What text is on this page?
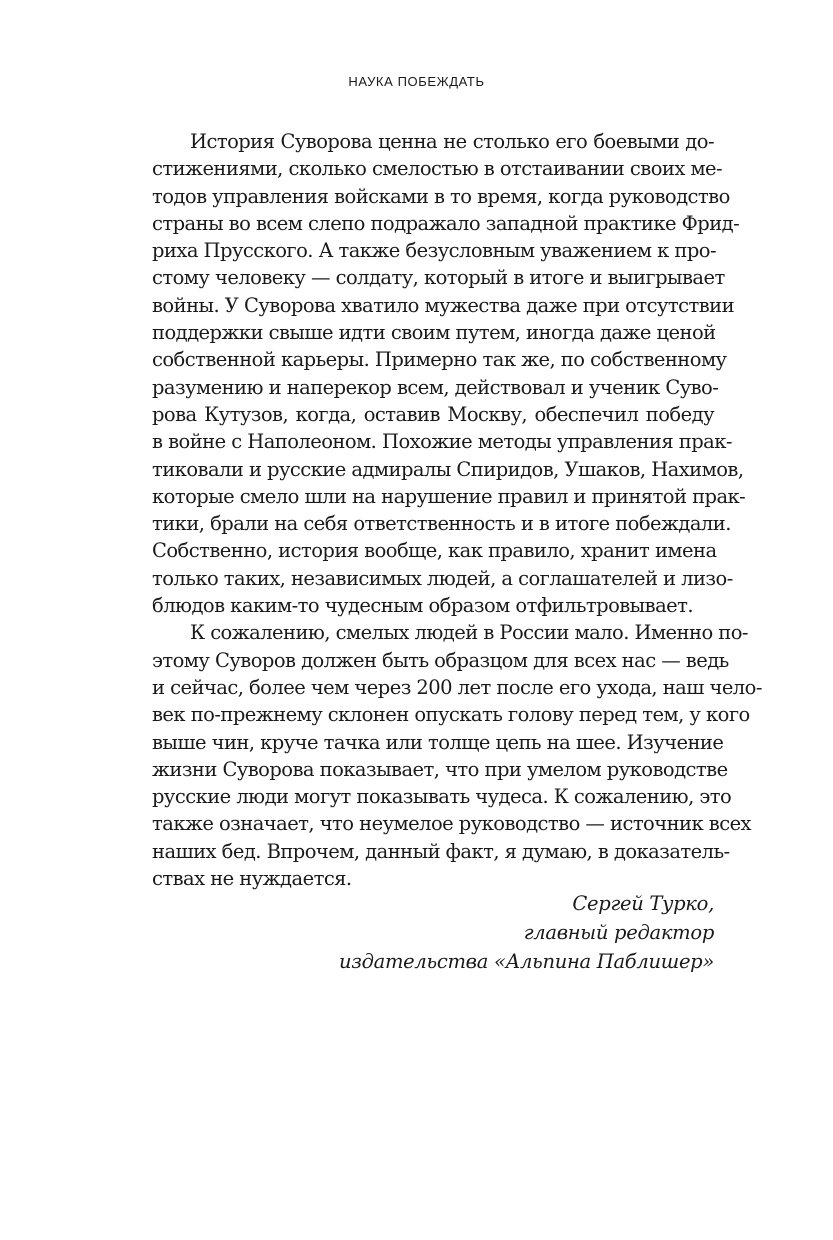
НАУКА ПОБЕЖДАТЬ
История Суворова ценна не столько его боевыми до-
стижениями, сколько смелостью в отстаивании своих ме-
тодов управления войсками в то время, когда руководство
страны во всем слепо подражало западной практике Фрид-
риха Прусского. А также безусловным уважением к про-
стому человеку — солдату, который в итоге и выигрывает
войны. У Суворова хватило мужества даже при отсутствии
поддержки свыше идти своим путем, иногда даже ценой
собственной карьеры. Примерно так же, по собственному
разумению и наперекор всем, действовал и ученик Суво-
рова Кутузов, когда, оставив Москву, обеспечил победу
в войне с Наполеоном. Похожие методы управления прак-
тиковали и русские адмиралы Спиридов, Ушаков, Нахимов,
которые смело шли на нарушение правил и принятой прак-
тики, брали на себя ответственность и в итоге побеждали.
Собственно, история вообще, как правило, хранит имена
только таких, независимых людей, а соглашателей и лизо-
блюдов каким-то чудесным образом отфильтровывает.
К сожалению, смелых людей в России мало. Именно по-
этому Суворов должен быть образцом для всех нас — ведь
и сейчас, более чем через 200 лет после его ухода, наш чело-
век по-прежнему склонен опускать голову перед тем, у кого
выше чин, круче тачка или толще цепь на шее. Изучение
жизни Суворова показывает, что при умелом руководстве
русские люди могут показывать чудеса. К сожалению, это
также означает, что неумелое руководство — источник всех
наших бед. Впрочем, данный факт, я думаю, в доказатель-
ствах не нуждается.
Сергей Турко,
главный редактор
издательства «Альпина Паблишер»
